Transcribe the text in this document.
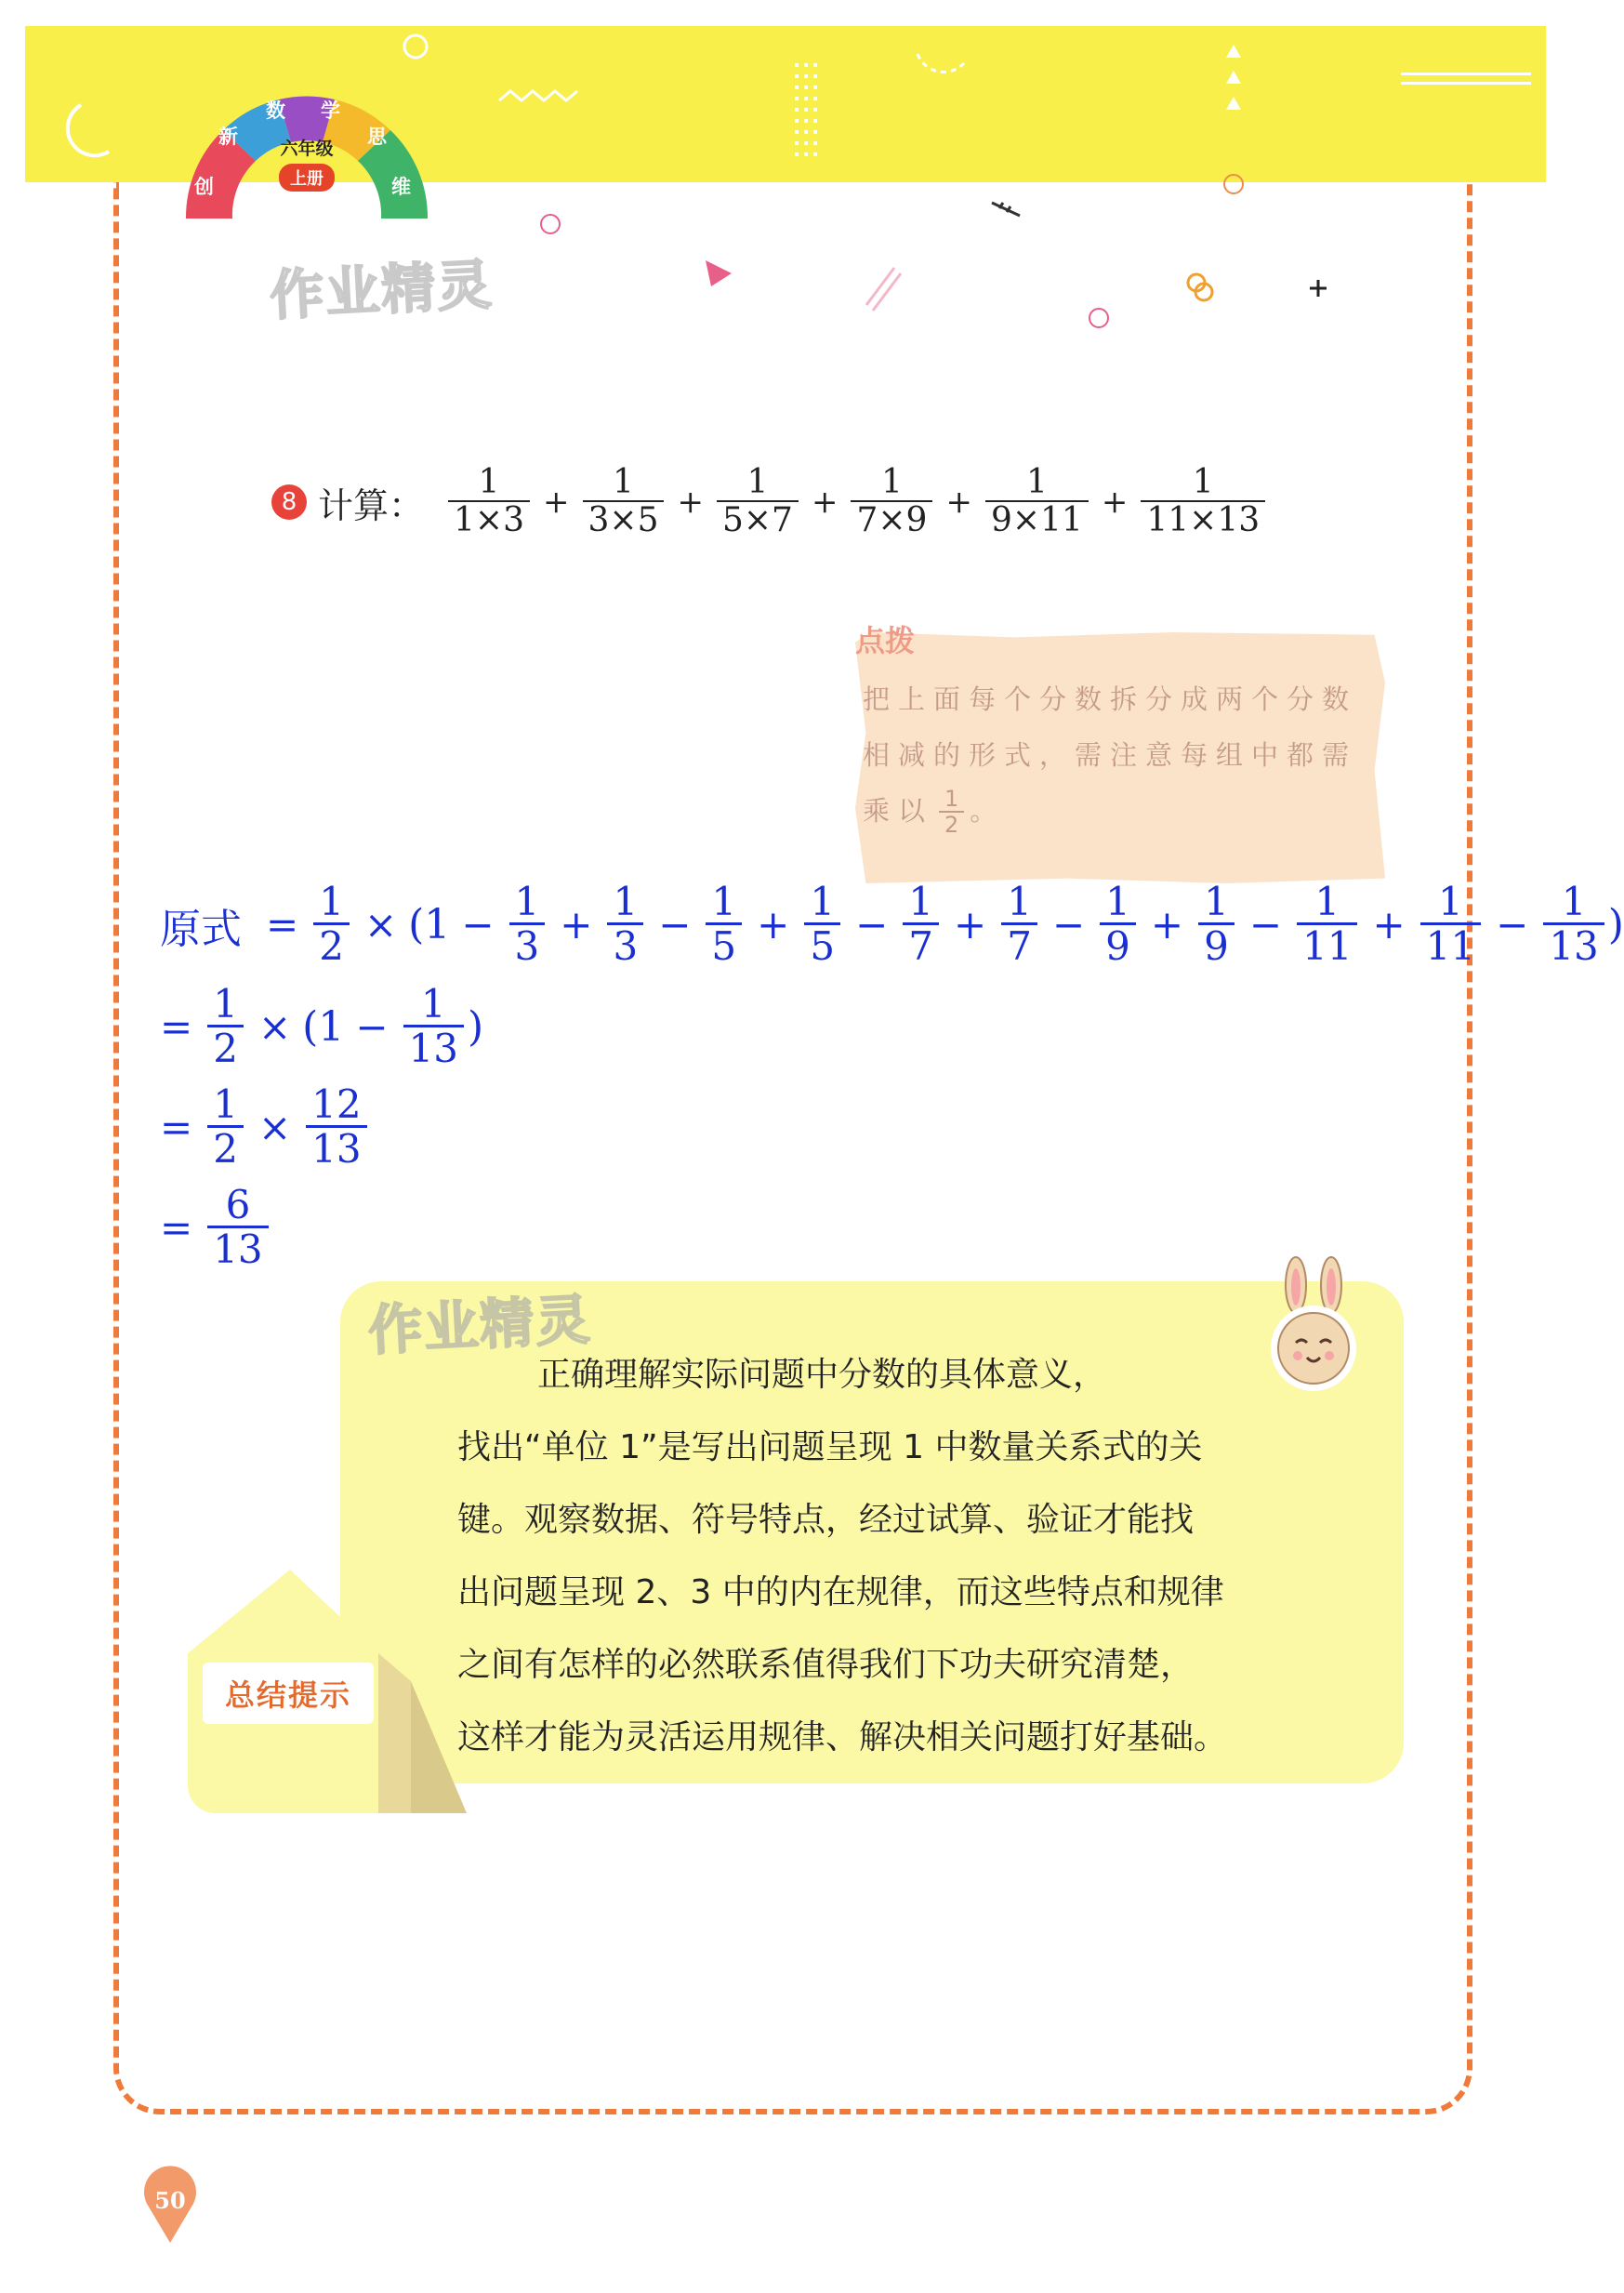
创
新
数 学
思
维
六年级
上册
作业精灵
8 计算： $\frac{1}{1\times 3} + \frac{1}{3\times 5} + \frac{1}{5\times 7} + \frac{1}{7\times 9} + \frac{1}{9\times 11} + \frac{1}{11\times 13}$
点拨
把上面每个分数拆分成两个分数
相减的形式，需注意每组中都需
乘以 $\frac{1}{2}$ 。
原式 = $\frac{1}{2} \times (1 - \frac{1}{3} + \frac{1}{3} - \frac{1}{5} + \frac{1}{5} - \frac{1}{7} + \frac{1}{7} - \frac{1}{9} + \frac{1}{9} - \frac{1}{11} + \frac{1}{11} - \frac{1}{13}$ )
= $\frac{1}{2} \times (1 - \frac{1}{13}$ )
= $\frac{1}{2} \times \frac{12}{13}$
= $\frac{6}{13}$
作业精灵
总结提示

正确理解实际问题中分数的具体意义，

找出“单位 1”是写出问题呈现 1 中数量关系式的关

键。观察数据、符号特点，经过试算、验证才能找

出问题呈现 2、3 中的内在规律，而这些特点和规律

之间有怎样的必然联系值得我们下功夫研究清楚，

这样才能为灵活运用规律、解决相关问题打好基础。

50
